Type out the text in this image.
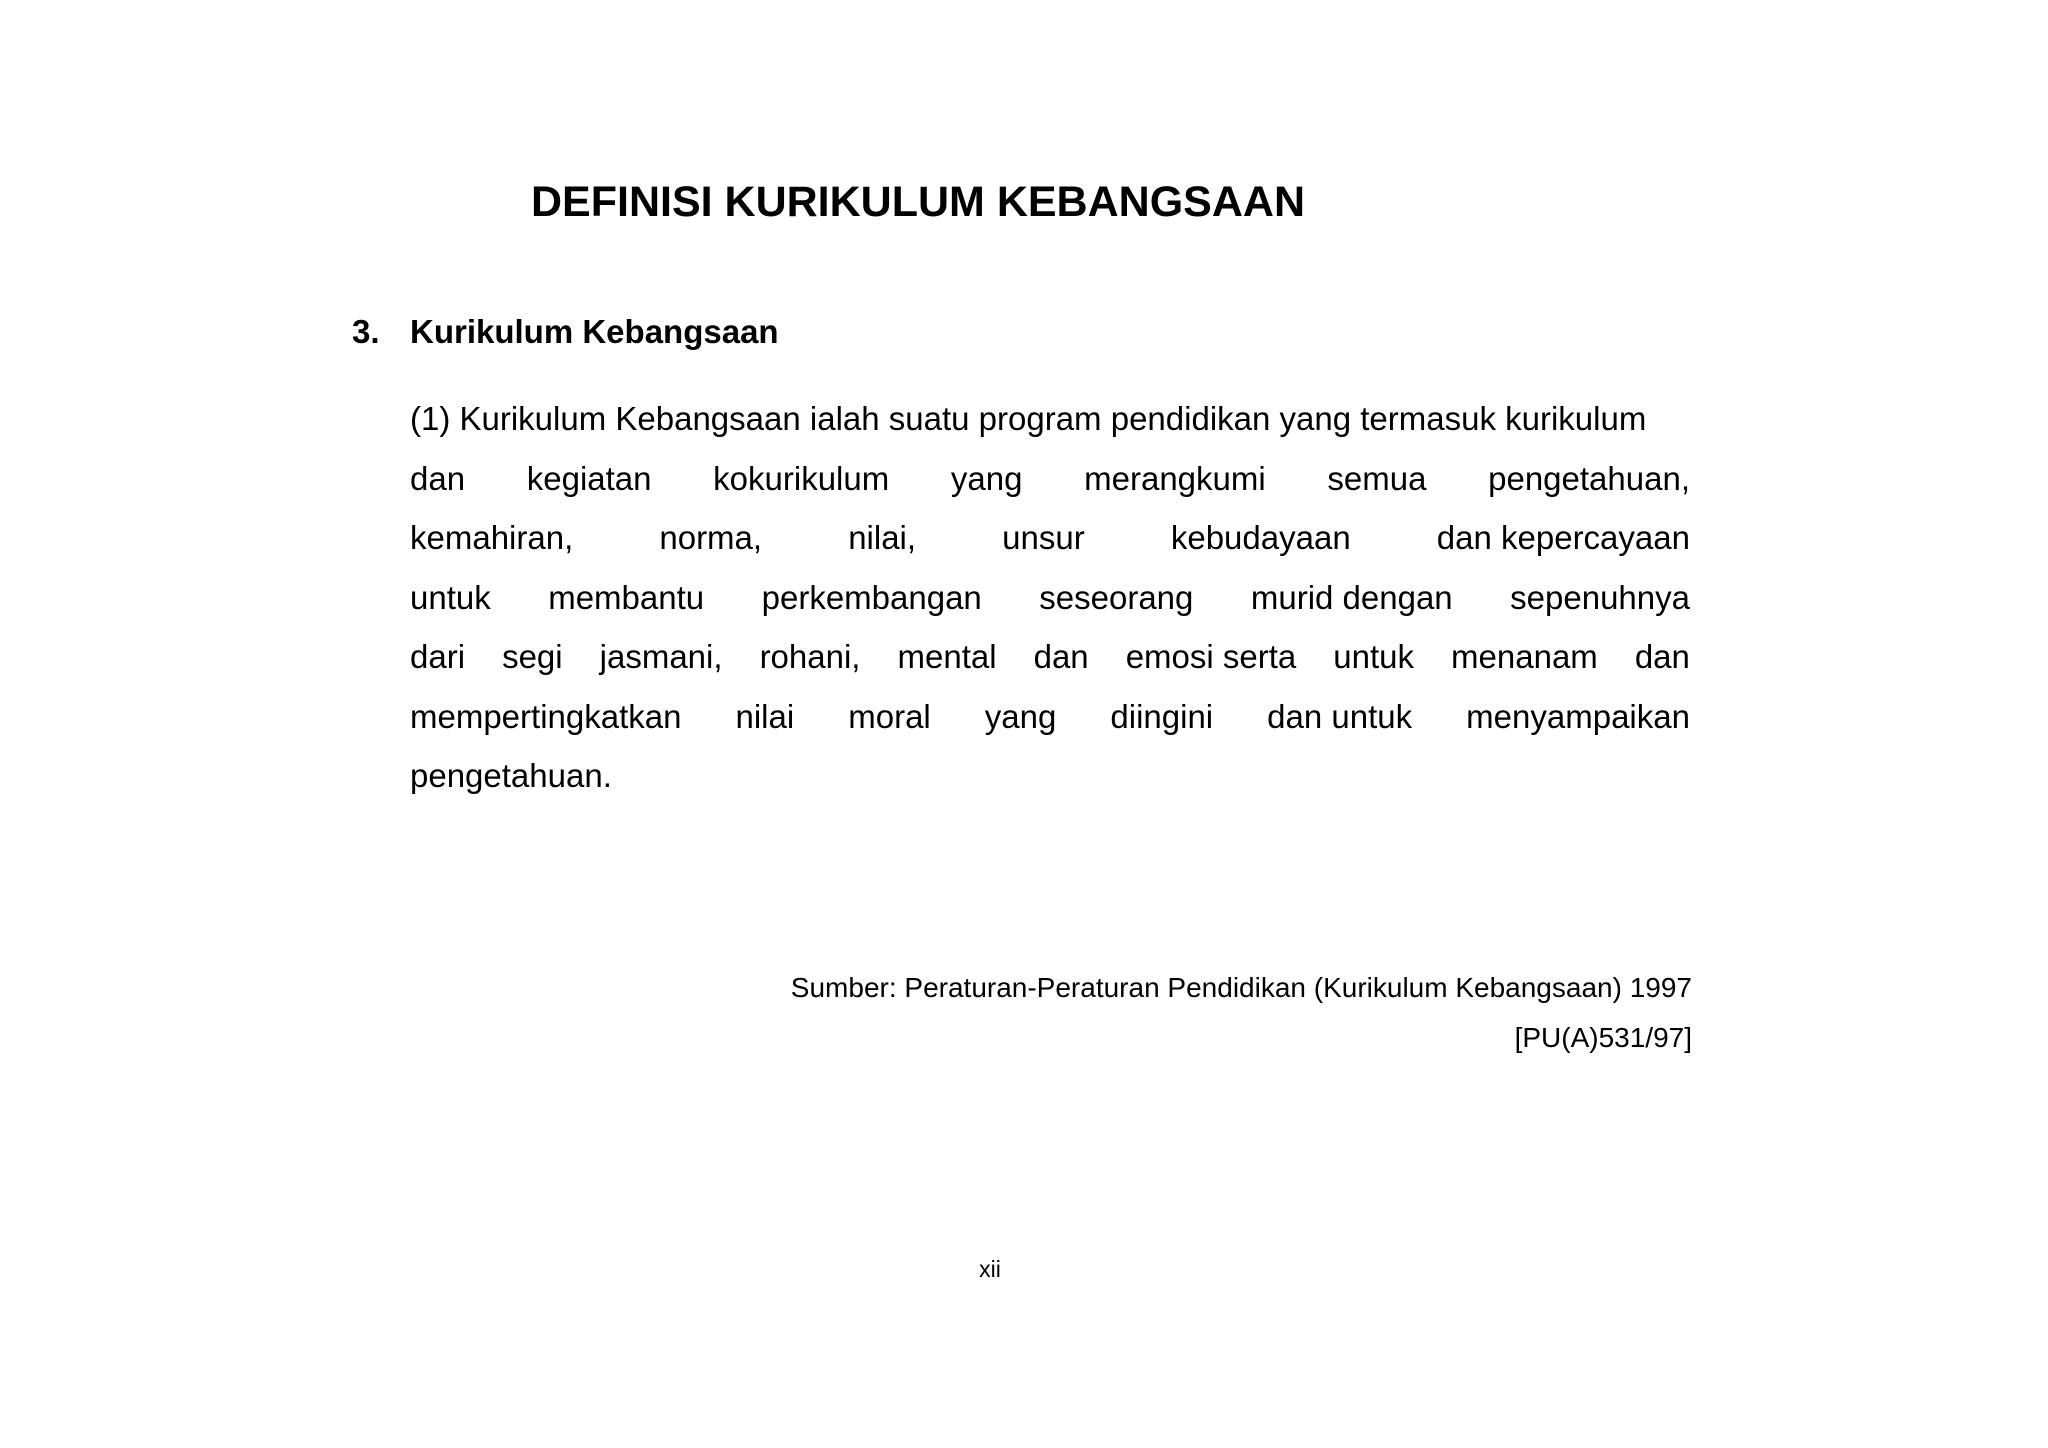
DEFINISI KURIKULUM KEBANGSAAN
3. Kurikulum Kebangsaan
(1) Kurikulum Kebangsaan ialah suatu program pendidikan yang termasuk kurikulum
dan kegiatan kokurikulum yang merangkumi semua pengetahuan,
kemahiran,	norma,	nilai,	unsur	kebudayaan	dan kepercayaan
untuk membantu perkembangan seseorang murid dengan sepenuhnya
dari segi jasmani, rohani, mental dan emosi serta untuk menanam dan
mempertingkatkan nilai moral yang diingini dan untuk menyampaikan
pengetahuan.
Sumber: Peraturan-Peraturan Pendidikan (Kurikulum Kebangsaan) 1997
[PU(A)531/97]
xii
